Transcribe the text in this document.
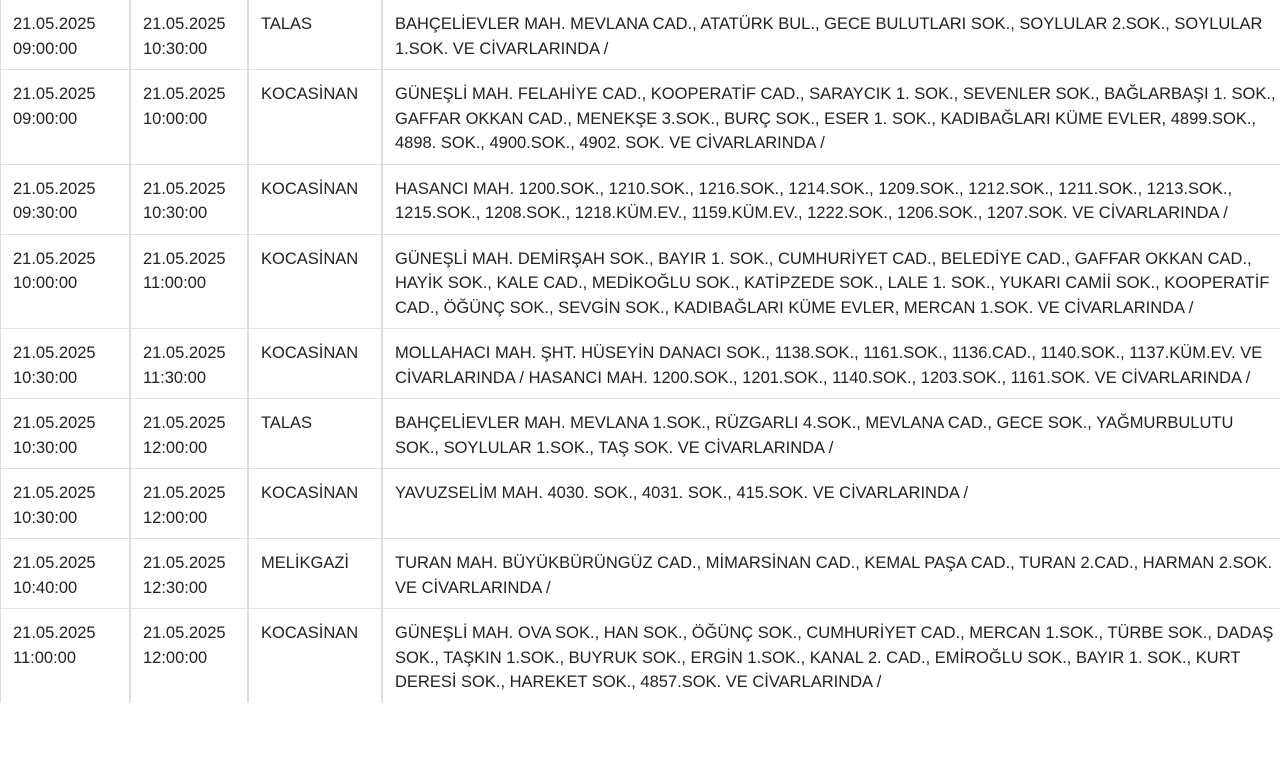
21.05.2025
09:00:00	21.05.2025
10:30:00	TALAS	BAHÇELİEVLER MAH. MEVLANA CAD., ATATÜRK BUL., GECE BULUTLARI SOK., SOYLULAR 2.SOK., SOYLULAR 1.SOK. VE CİVARLARINDA /

21.05.2025
09:00:00	21.05.2025
10:00:00	KOCASİNAN	GÜNEŞLİ MAH. FELAHİYE CAD., KOOPERATİF CAD., SARAYCIK 1. SOK., SEVENLER SOK., BAĞLARBAŞI 1. SOK., GAFFAR OKKAN CAD., MENEKŞE 3.SOK., BURÇ SOK., ESER 1. SOK., KADIBAĞLARI KÜME EVLER, 4899.SOK., 4898. SOK., 4900.SOK., 4902. SOK. VE CİVARLARINDA /

21.05.2025
09:30:00	21.05.2025
10:30:00	KOCASİNAN	HASANCI MAH. 1200.SOK., 1210.SOK., 1216.SOK., 1214.SOK., 1209.SOK., 1212.SOK., 1211.SOK., 1213.SOK., 1215.SOK., 1208.SOK., 1218.KÜM.EV., 1159.KÜM.EV., 1222.SOK., 1206.SOK., 1207.SOK. VE CİVARLARINDA /

21.05.2025
10:00:00	21.05.2025
11:00:00	KOCASİNAN	GÜNEŞLİ MAH. DEMİRŞAH SOK., BAYIR 1. SOK., CUMHURİYET CAD., BELEDİYE CAD., GAFFAR OKKAN CAD., HAYİK SOK., KALE CAD., MEDİKOĞLU SOK., KATİPZEDE SOK., LALE 1. SOK., YUKARI CAMİİ SOK., KOOPERATİF CAD., ÖĞÜNÇ SOK., SEVGİN SOK., KADIBAĞLARI KÜME EVLER, MERCAN 1.SOK. VE CİVARLARINDA /

21.05.2025
10:30:00	21.05.2025
11:30:00	KOCASİNAN	MOLLAHACI MAH. ŞHT. HÜSEYİN DANACI SOK., 1138.SOK., 1161.SOK., 1136.CAD., 1140.SOK., 1137.KÜM.EV. VE CİVARLARINDA / HASANCI MAH. 1200.SOK., 1201.SOK., 1140.SOK., 1203.SOK., 1161.SOK. VE CİVARLARINDA /

21.05.2025
10:30:00	21.05.2025
12:00:00	TALAS	BAHÇELİEVLER MAH. MEVLANA 1.SOK., RÜZGARLI 4.SOK., MEVLANA CAD., GECE SOK., YAĞMURBULUTU SOK., SOYLULAR 1.SOK., TAŞ SOK. VE CİVARLARINDA /

21.05.2025
10:30:00	21.05.2025
12:00:00	KOCASİNAN	YAVUZSELİM MAH. 4030. SOK., 4031. SOK., 415.SOK. VE CİVARLARINDA /

21.05.2025
10:40:00	21.05.2025
12:30:00	MELİKGAZİ	TURAN MAH. BÜYÜKBÜRÜNGÜZ CAD., MİMARSİNAN CAD., KEMAL PAŞA CAD., TURAN 2.CAD., HARMAN 2.SOK. VE CİVARLARINDA /

21.05.2025
11:00:00	21.05.2025
12:00:00	KOCASİNAN	GÜNEŞLİ MAH. OVA SOK., HAN SOK., ÖĞÜNÇ SOK., CUMHURİYET CAD., MERCAN 1.SOK., TÜRBE SOK., DADAŞ SOK., TAŞKIN 1.SOK., BUYRUK SOK., ERGİN 1.SOK., KANAL 2. CAD., EMİROĞLU SOK., BAYIR 1. SOK., KURT DERESİ SOK., HAREKET SOK., 4857.SOK. VE CİVARLARINDA /
